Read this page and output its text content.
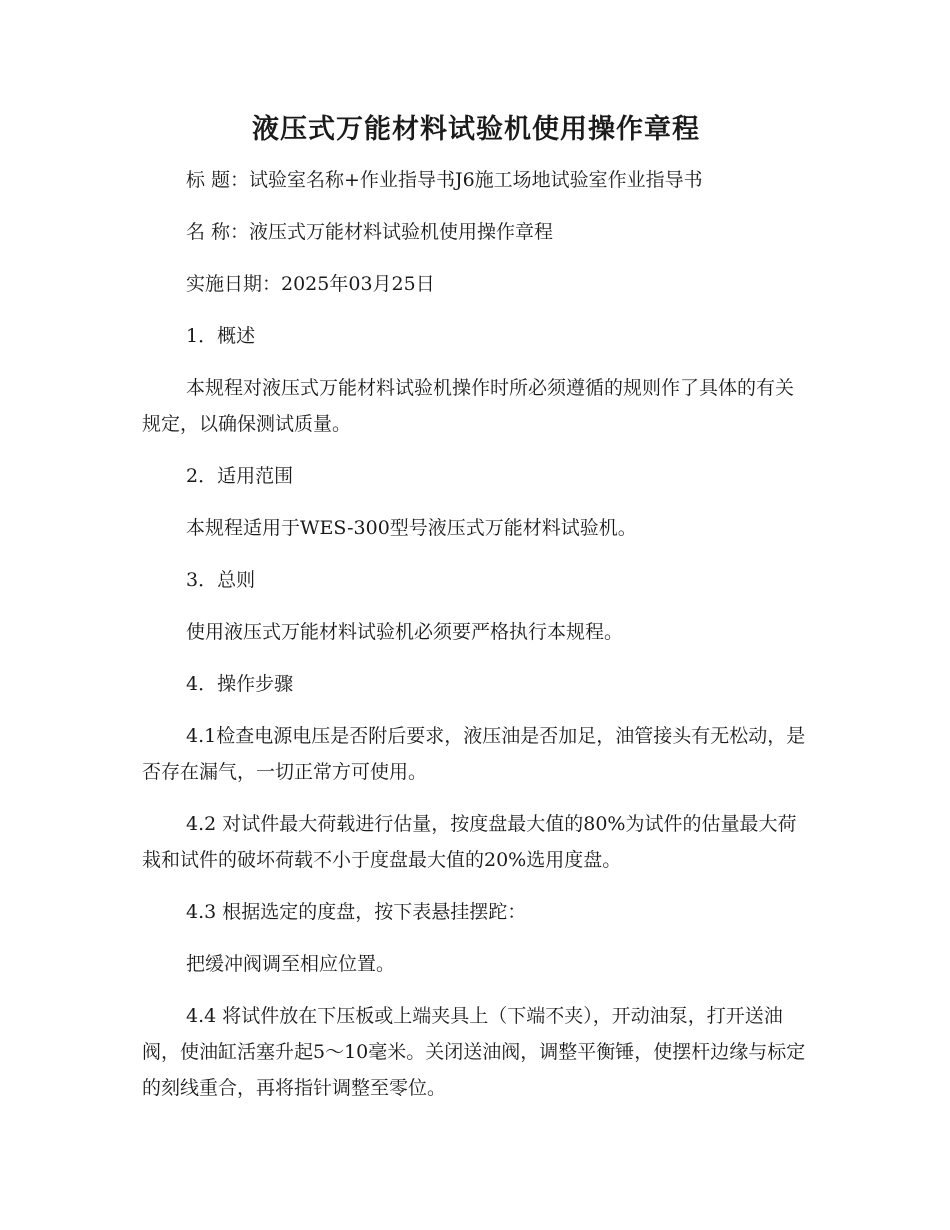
液压式万能材料试验机使用操作章程

标 题：试验室名称+作业指导书J6施工场地试验室作业指导书

名 称：液压式万能材料试验机使用操作章程

实施日期：2025年03月25日

1．概述

本规程对液压式万能材料试验机操作时所必须遵循的规则作了具体的有关规定，以确保测试质量。

2．适用范围

本规程适用于WES-300型号液压式万能材料试验机。

3．总则

使用液压式万能材料试验机必须要严格执行本规程。

4．操作步骤

4.1检查电源电压是否附后要求，液压油是否加足，油管接头有无松动，是否存在漏气，一切正常方可使用。

4.2 对试件最大荷载进行估量，按度盘最大值的80%为试件的估量最大荷栽和试件的破坏荷载不小于度盘最大值的20%选用度盘。

4.3 根据选定的度盘，按下表悬挂摆跎：

把缓冲阀调至相应位置。

4.4 将试件放在下压板或上端夹具上（下端不夹），开动油泵，打开送油阀，使油缸活塞升起5～10毫米。关闭送油阀，调整平衡锤，使摆杆边缘与标定的刻线重合，再将指针调整至零位。
